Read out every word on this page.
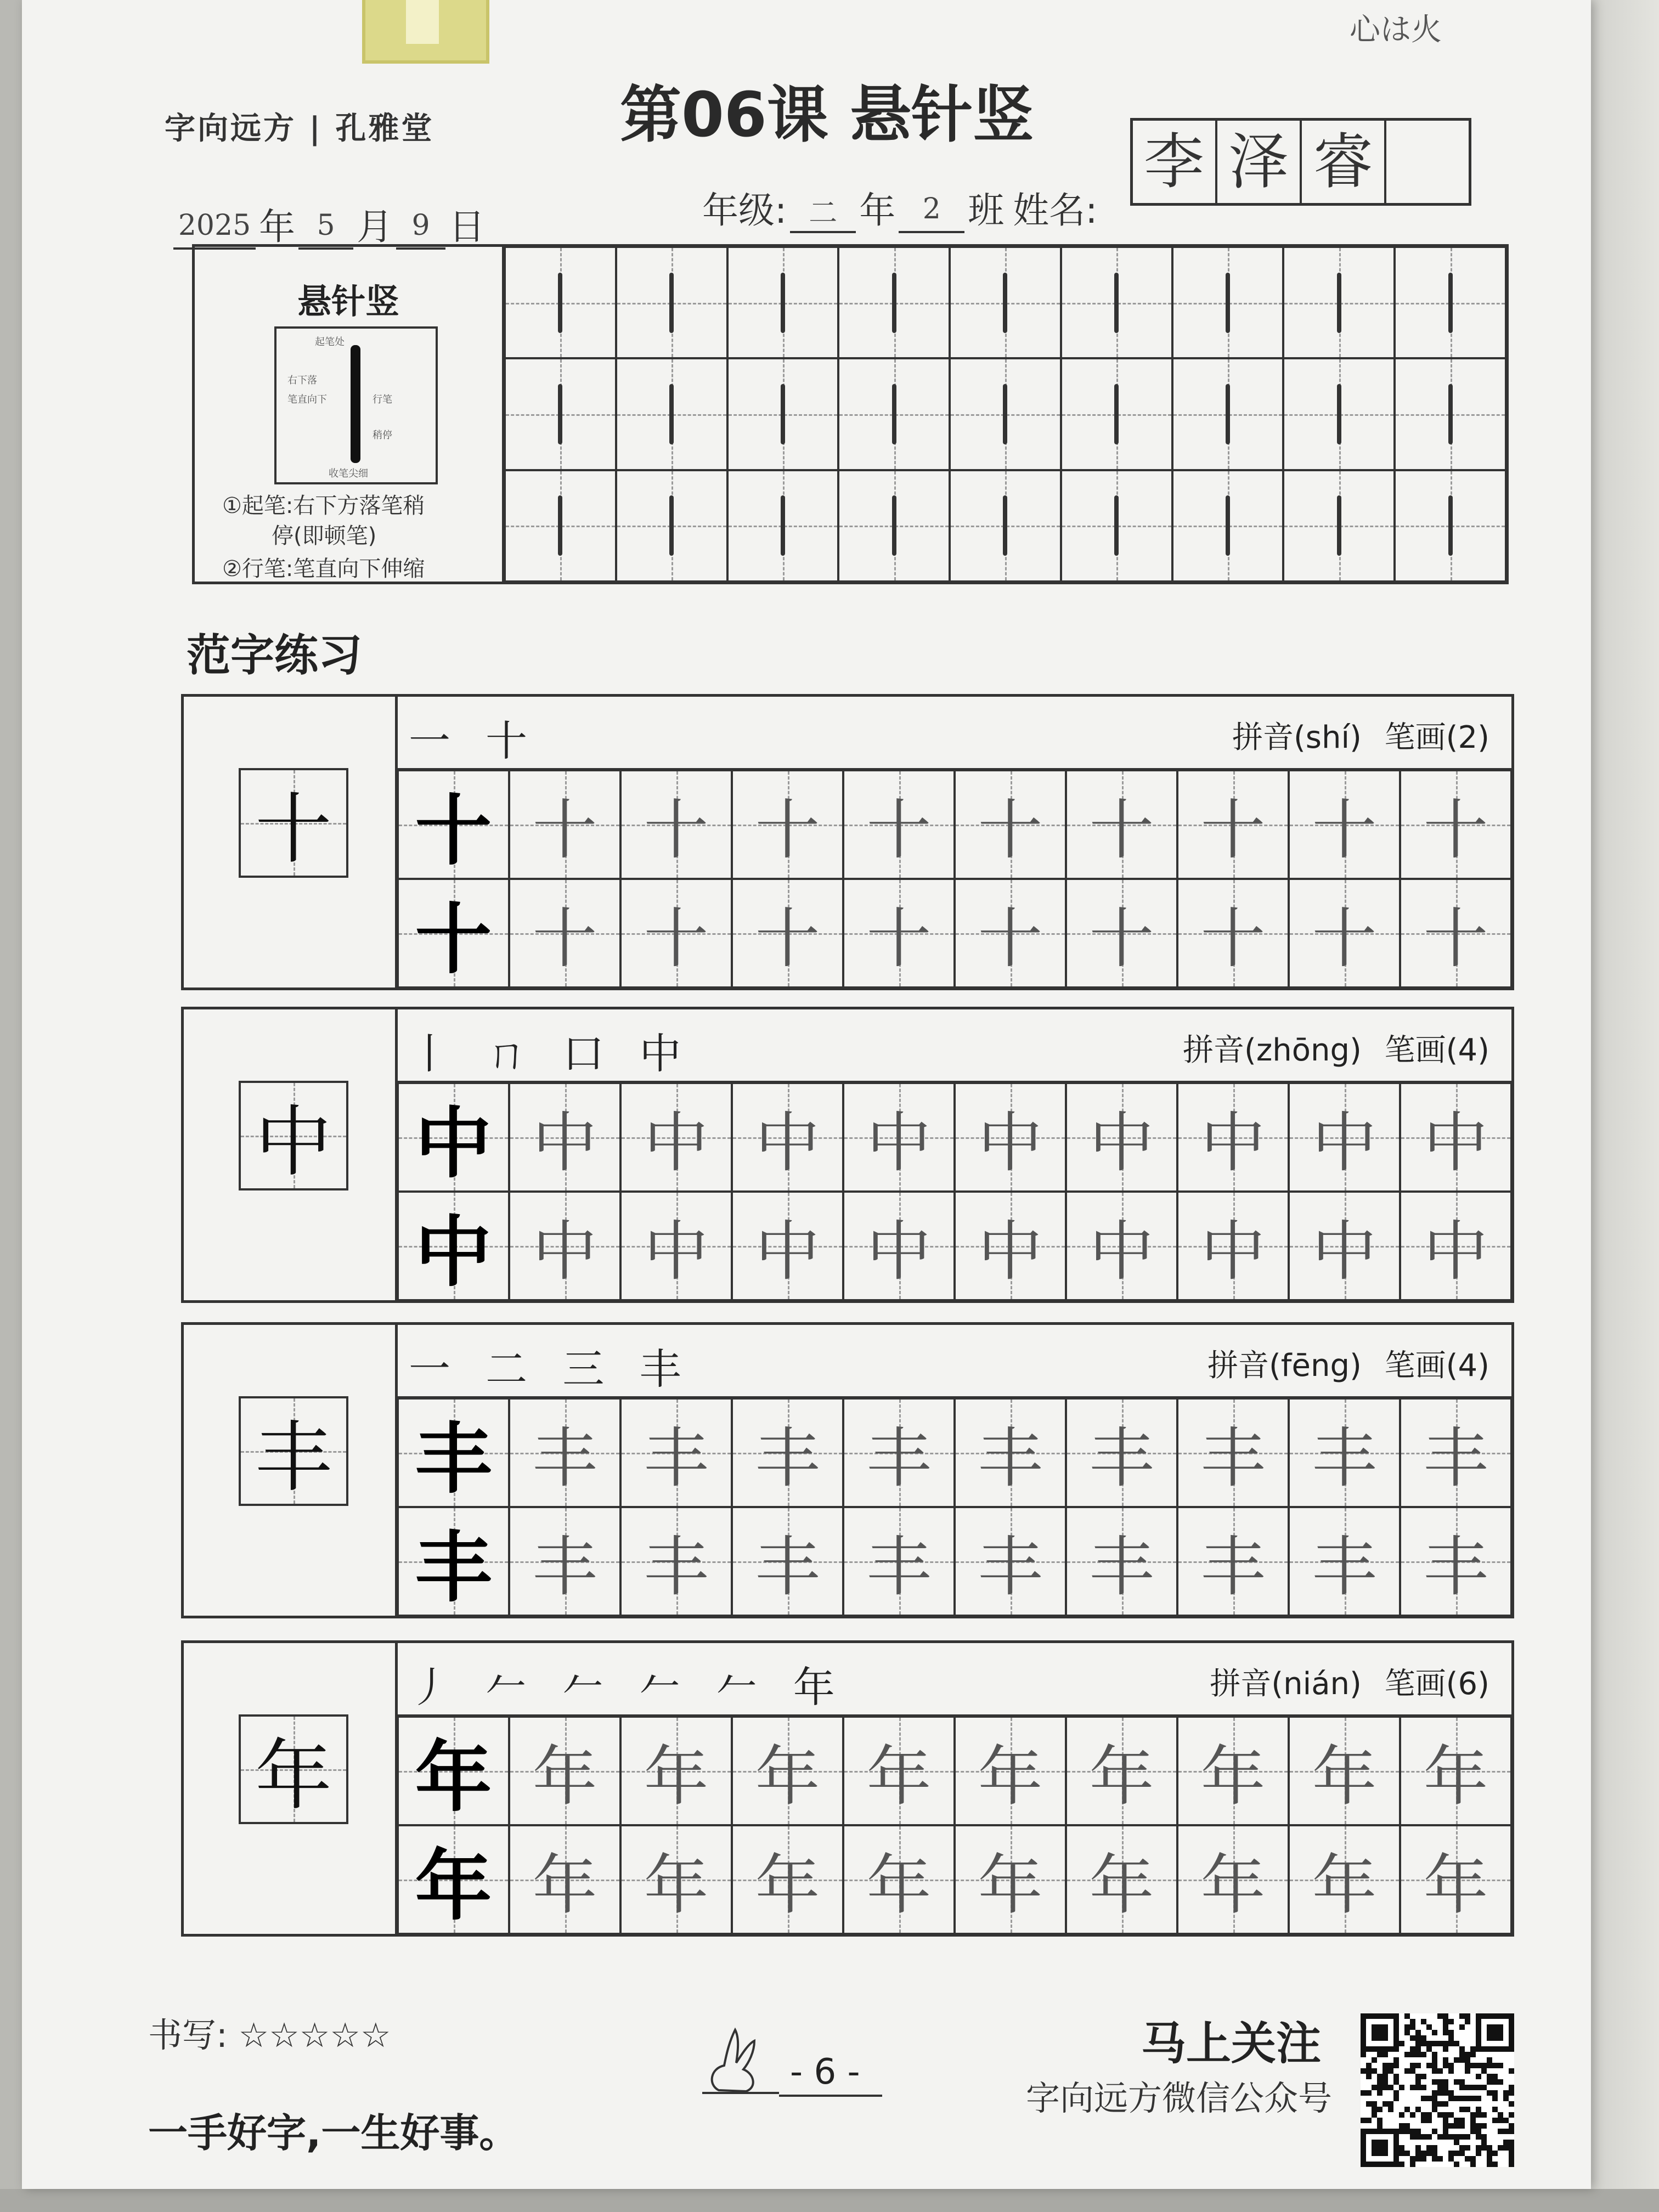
心は火
字向远方 | 孔雅堂	第06课 悬针竖
2025 年 5 月 9 日	年级: 二 年 2 班 姓名:
李 泽 睿
悬针竖
起笔处
右下落
笔直向下	行笔
稍停
收笔尖细
①起笔:右下方落笔稍
停(即顿笔)
②行笔:笔直向下伸缩
范字练习
十
一 十	拼音(shí) 笔画(2)
十 十 十 十 十 十 十 十 十 十
十 十 十 十 十 十 十 十 十 十
中
丨 ㄇ 口 中	拼音(zhōng) 笔画(4)
中 中 中 中 中 中 中 中 中 中
中 中 中 中 中 中 中 中 中 中
丰
一 二 三 丰	拼音(fēng) 笔画(4)
丰 丰 丰 丰 丰 丰 丰 丰 丰 丰
丰 丰 丰 丰 丰 丰 丰 丰 丰 丰
年
丿 𠂉 𠂉 𠂉 𠂉 年	拼音(nián) 笔画(6)
年 年 年 年 年 年 年 年 年 年
年 年 年 年 年 年 年 年 年 年
书写: ☆☆☆☆☆
一手好字,一生好事。
- 6 -
马上关注
字向远方微信公众号
